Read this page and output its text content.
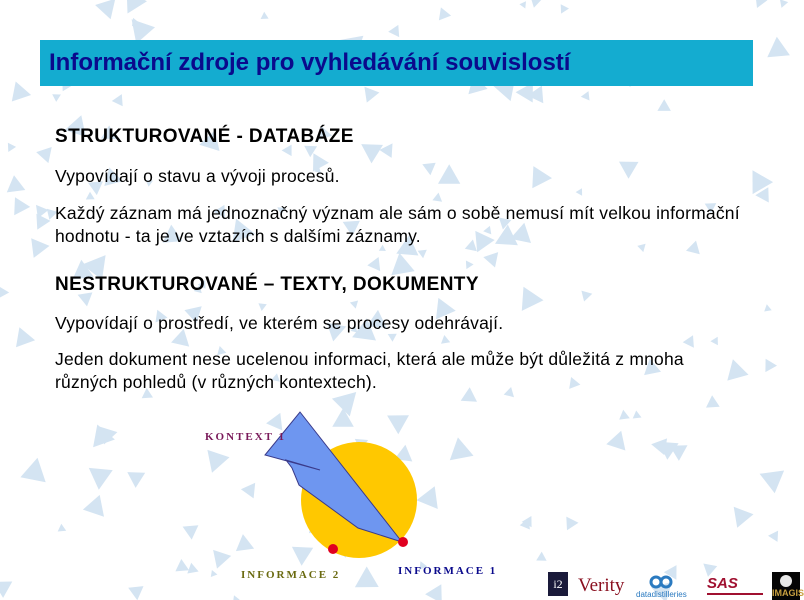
Informační zdroje pro vyhledávání souvislostí
STRUKTUROVANÉ - DATABÁZE
Vypovídají o stavu a vývoji procesů.
Každý záznam má jednoznačný význam ale sám o sobě nemusí mít velkou informační hodnotu - ta je ve vztazích s dalšími záznamy.
NESTRUKTUROVANÉ – TEXTY, DOKUMENTY
Vypovídají o prostředí, ve kterém se procesy odehrávají.
Jeden dokument nese ucelenou informaci, která ale může být důležitá z mnoha různých pohledů (v různých kontextech).
KONTEXT 1
INFORMACE 1
INFORMACE 2
i2 Verity datadistilleries
SAS
IMAGIS
